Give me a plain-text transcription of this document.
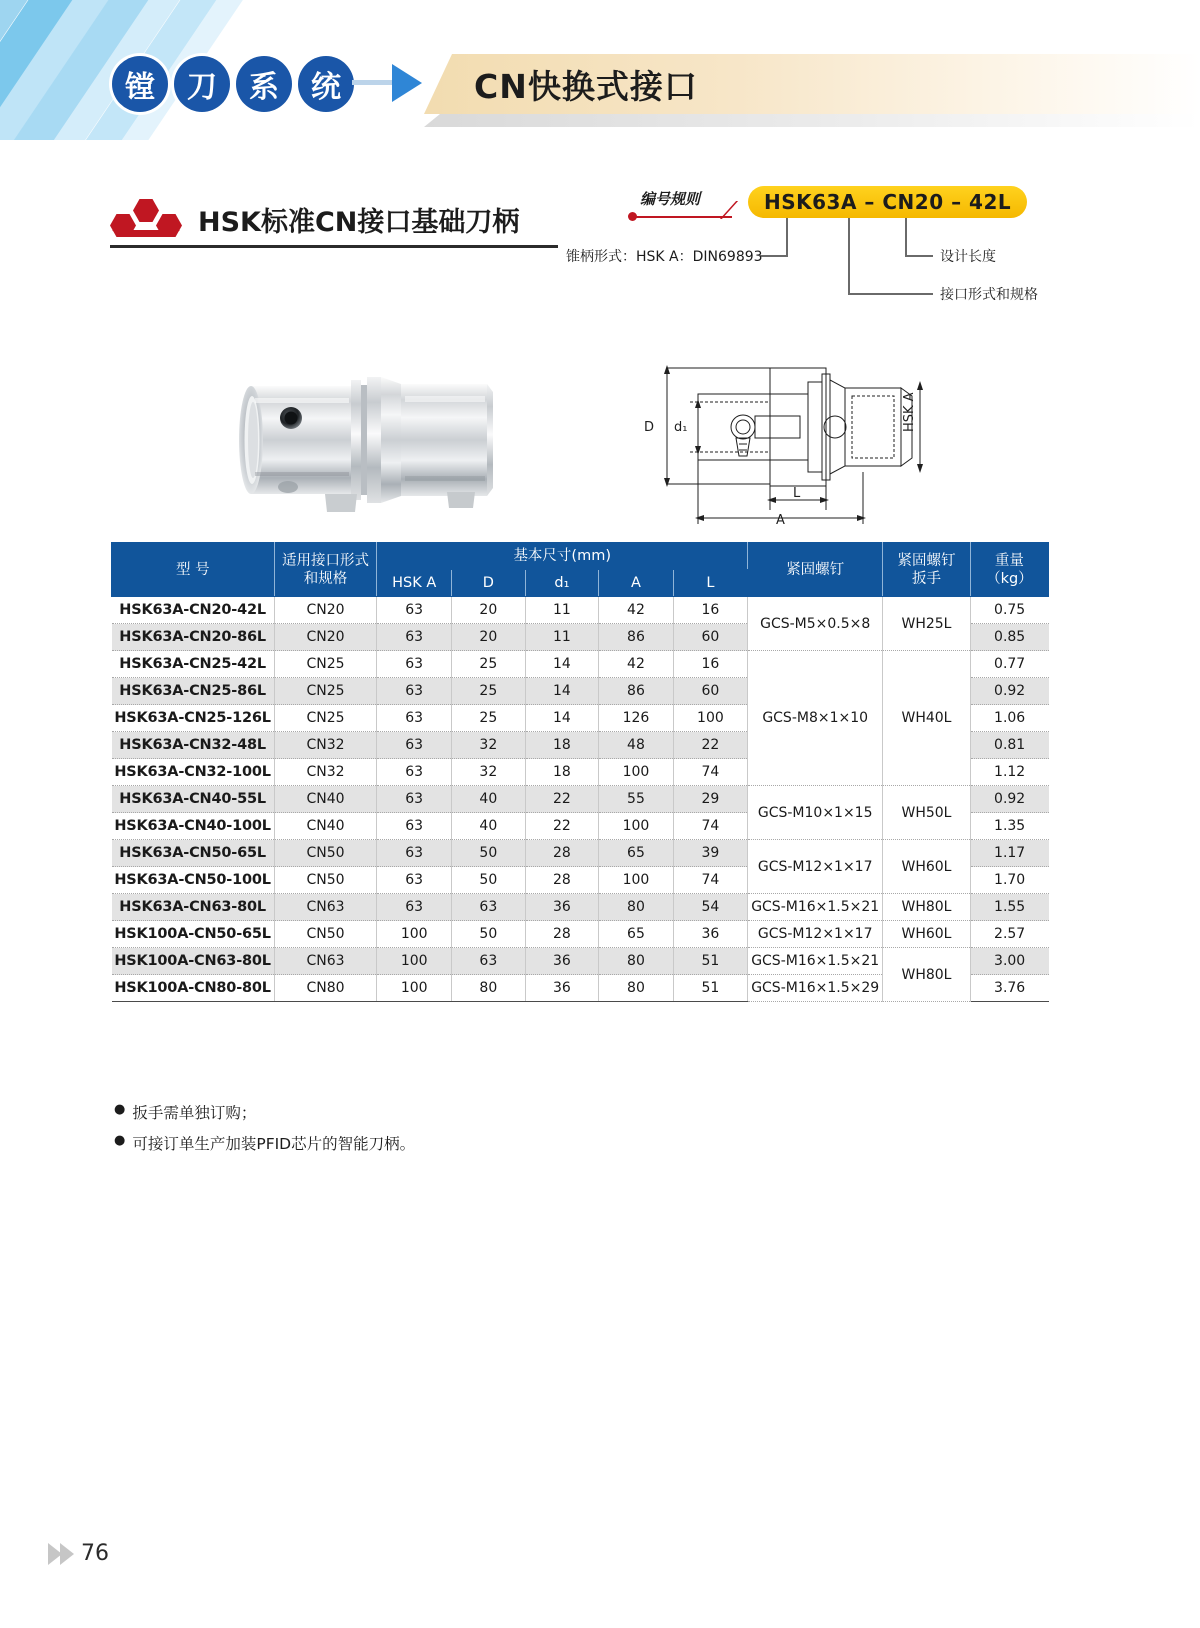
镗	刀	系	统	CN快换式接口
HSK标准CN接口基础刀柄
编号规则	HSK63A – CN20 – 42L
锥柄形式：HSK A：DIN69893	设计长度
接口形式和规格
D d₁
L
A
HSK A
型 号	
适用接口形式
和规格
	基本尺寸(mm)	紧固螺钉	
紧固螺钉
扳手

重量
（kg）

		HSK A	D	d₁	A	L			
HSK63A-CN20-42L	CN20	63	20	11	42	16	GCS-M5×0.5×8	WH25L	0.75
HSK63A-CN20-86L	CN20	63	20	11	86	60			0.85
HSK63A-CN25-42L	CN25	63	25	14	42	16	GCS-M8×1×10	WH40L	0.77
HSK63A-CN25-86L	CN25	63	25	14	86	60			0.92
HSK63A-CN25-126L	CN25	63	25	14	126	100			1.06
HSK63A-CN32-48L	CN32	63	32	18	48	22			0.81
HSK63A-CN32-100L	CN32	63	32	18	100	74			1.12
HSK63A-CN40-55L	CN40	63	40	22	55	29	GCS-M10×1×15	WH50L	0.92
HSK63A-CN40-100L	CN40	63	40	22	100	74			1.35
HSK63A-CN50-65L	CN50	63	50	28	65	39	GCS-M12×1×17	WH60L	1.17
HSK63A-CN50-100L	CN50	63	50	28	100	74			1.70
HSK63A-CN63-80L	CN63	63	63	36	80	54	GCS-M16×1.5×21	WH80L	1.55
HSK100A-CN50-65L	CN50	100	50	28	65	36	GCS-M12×1×17	WH60L	2.57
HSK100A-CN63-80L	CN63	100	63	36	80	51	GCS-M16×1.5×21	WH80L	3.00
HSK100A-CN80-80L	CN80	100	80	36	80	51	GCS-M16×1.5×29		3.76
● 扳手需单独订购；
● 可接订单生产加装PFID芯片的智能刀柄。
76
